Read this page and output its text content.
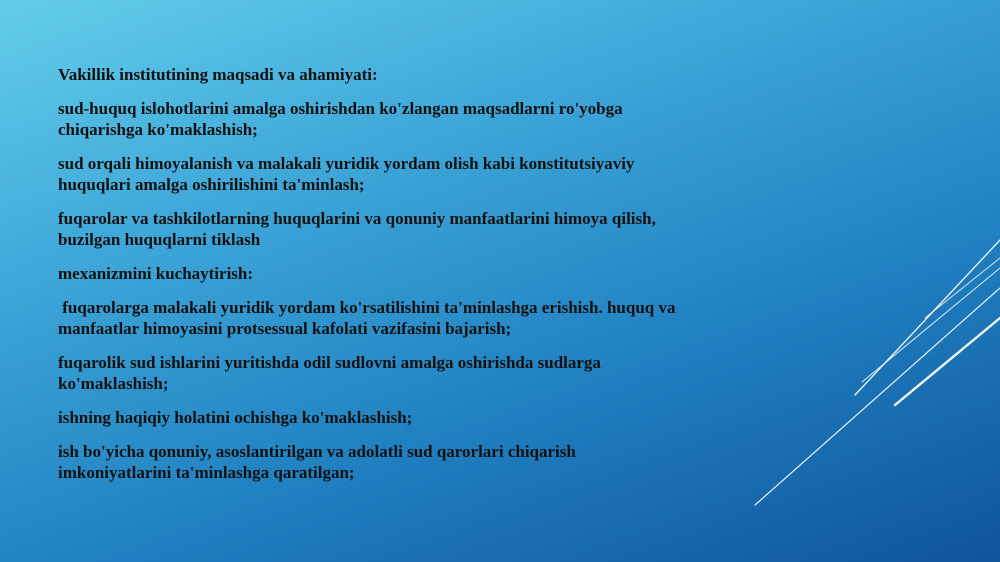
Vakillik institutining maqsadi va ahamiyati:

sud-huquq islohotlarini amalga oshirishdan ko'zlangan maqsadlarni ro'yobga
chiqarishga ko'maklashish;

sud orqali himoyalanish va malakali yuridik yordam olish kabi konstitutsiyaviy
huquqlari amalga oshirilishini ta'minlash;

fuqarolar va tashkilotlarning huquqlarini va qonuniy manfaatlarini himoya qilish,
buzilgan huquqlarni tiklash

mexanizmini kuchaytirish:

fuqarolarga malakali yuridik yordam ko'rsatilishini ta'minlashga erishish. huquq va
manfaatlar himoyasini protsessual kafolati vazifasini bajarish;

fuqarolik sud ishlarini yuritishda odil sudlovni amalga oshirishda sudlarga
ko'maklashish;

ishning haqiqiy holatini ochishga ko'maklashish;

ish bo'yicha qonuniy, asoslantirilgan va adolatli sud qarorlari chiqarish
imkoniyatlarini ta'minlashga qaratilgan;
